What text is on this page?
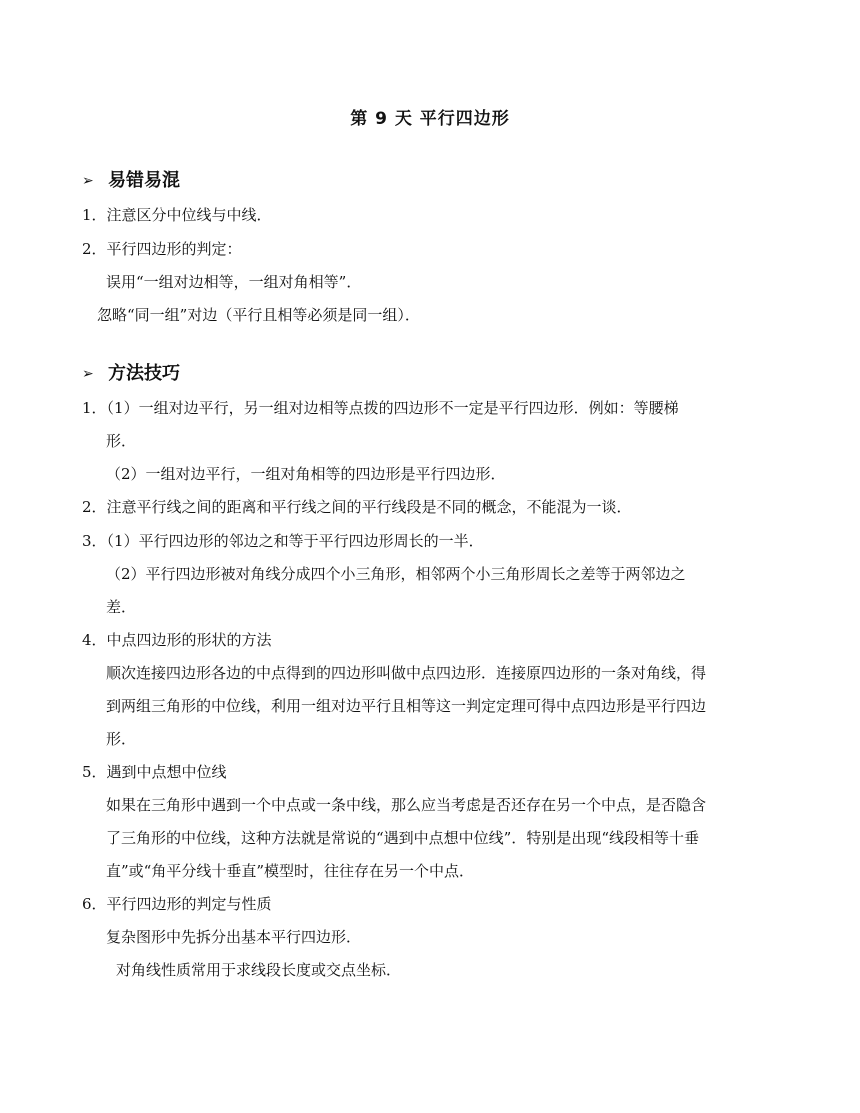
第 9 天 平行四边形
➢ 易错易混
1．注意区分中位线与中线．
2．平行四边形的判定：
误用“一组对边相等，一组对角相等”．
忽略“同一组”对边（平行且相等必须是同一组）．
➢ 方法技巧
1．（1）一组对边平行，另一组对边相等点拨的四边形不一定是平行四边形．例如：等腰梯
形．
（2）一组对边平行，一组对角相等的四边形是平行四边形．
2．注意平行线之间的距离和平行线之间的平行线段是不同的概念，不能混为一谈．
3．（1）平行四边形的邻边之和等于平行四边形周长的一半．
（2）平行四边形被对角线分成四个小三角形，相邻两个小三角形周长之差等于两邻边之
差．
4．中点四边形的形状的方法
顺次连接四边形各边的中点得到的四边形叫做中点四边形．连接原四边形的一条对角线，得
到两组三角形的中位线，利用一组对边平行且相等这一判定定理可得中点四边形是平行四边
形．
5．遇到中点想中位线
如果在三角形中遇到一个中点或一条中线，那么应当考虑是否还存在另一个中点，是否隐含
了三角形的中位线，这种方法就是常说的“遇到中点想中位线”．特别是出现“线段相等十垂
直”或“角平分线十垂直”模型时，往往存在另一个中点．
6．平行四边形的判定与性质
复杂图形中先拆分出基本平行四边形．
对角线性质常用于求线段长度或交点坐标．
